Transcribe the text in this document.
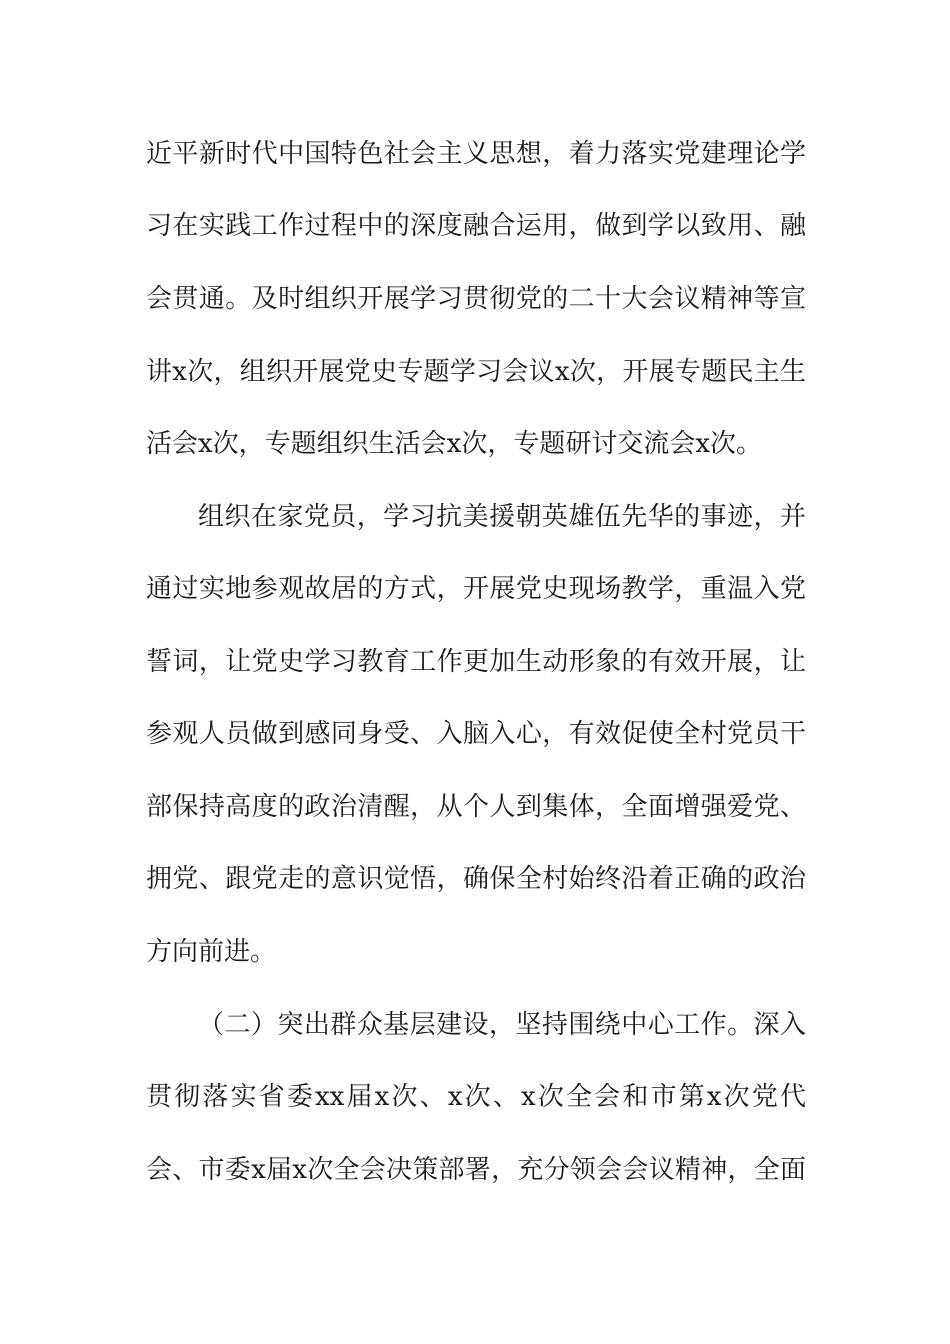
近平新时代中国特色社会主义思想，着力落实党建理论学
习在实践工作过程中的深度融合运用，做到学以致用、融
会贯通。及时组织开展学习贯彻党的二十大会议精神等宣
讲x次，组织开展党史专题学习会议x次，开展专题民主生
活会x次，专题组织生活会x次，专题研讨交流会x次。
组织在家党员，学习抗美援朝英雄伍先华的事迹，并
通过实地参观故居的方式，开展党史现场教学，重温入党
誓词，让党史学习教育工作更加生动形象的有效开展，让
参观人员做到感同身受、入脑入心，有效促使全村党员干
部保持高度的政治清醒，从个人到集体，全面增强爱党、
拥党、跟党走的意识觉悟，确保全村始终沿着正确的政治
方向前进。
（二）突出群众基层建设，坚持围绕中心工作。深入
贯彻落实省委xx届x次、x次、x次全会和市第x次党代
会、市委x届x次全会决策部署，充分领会会议精神，全面
